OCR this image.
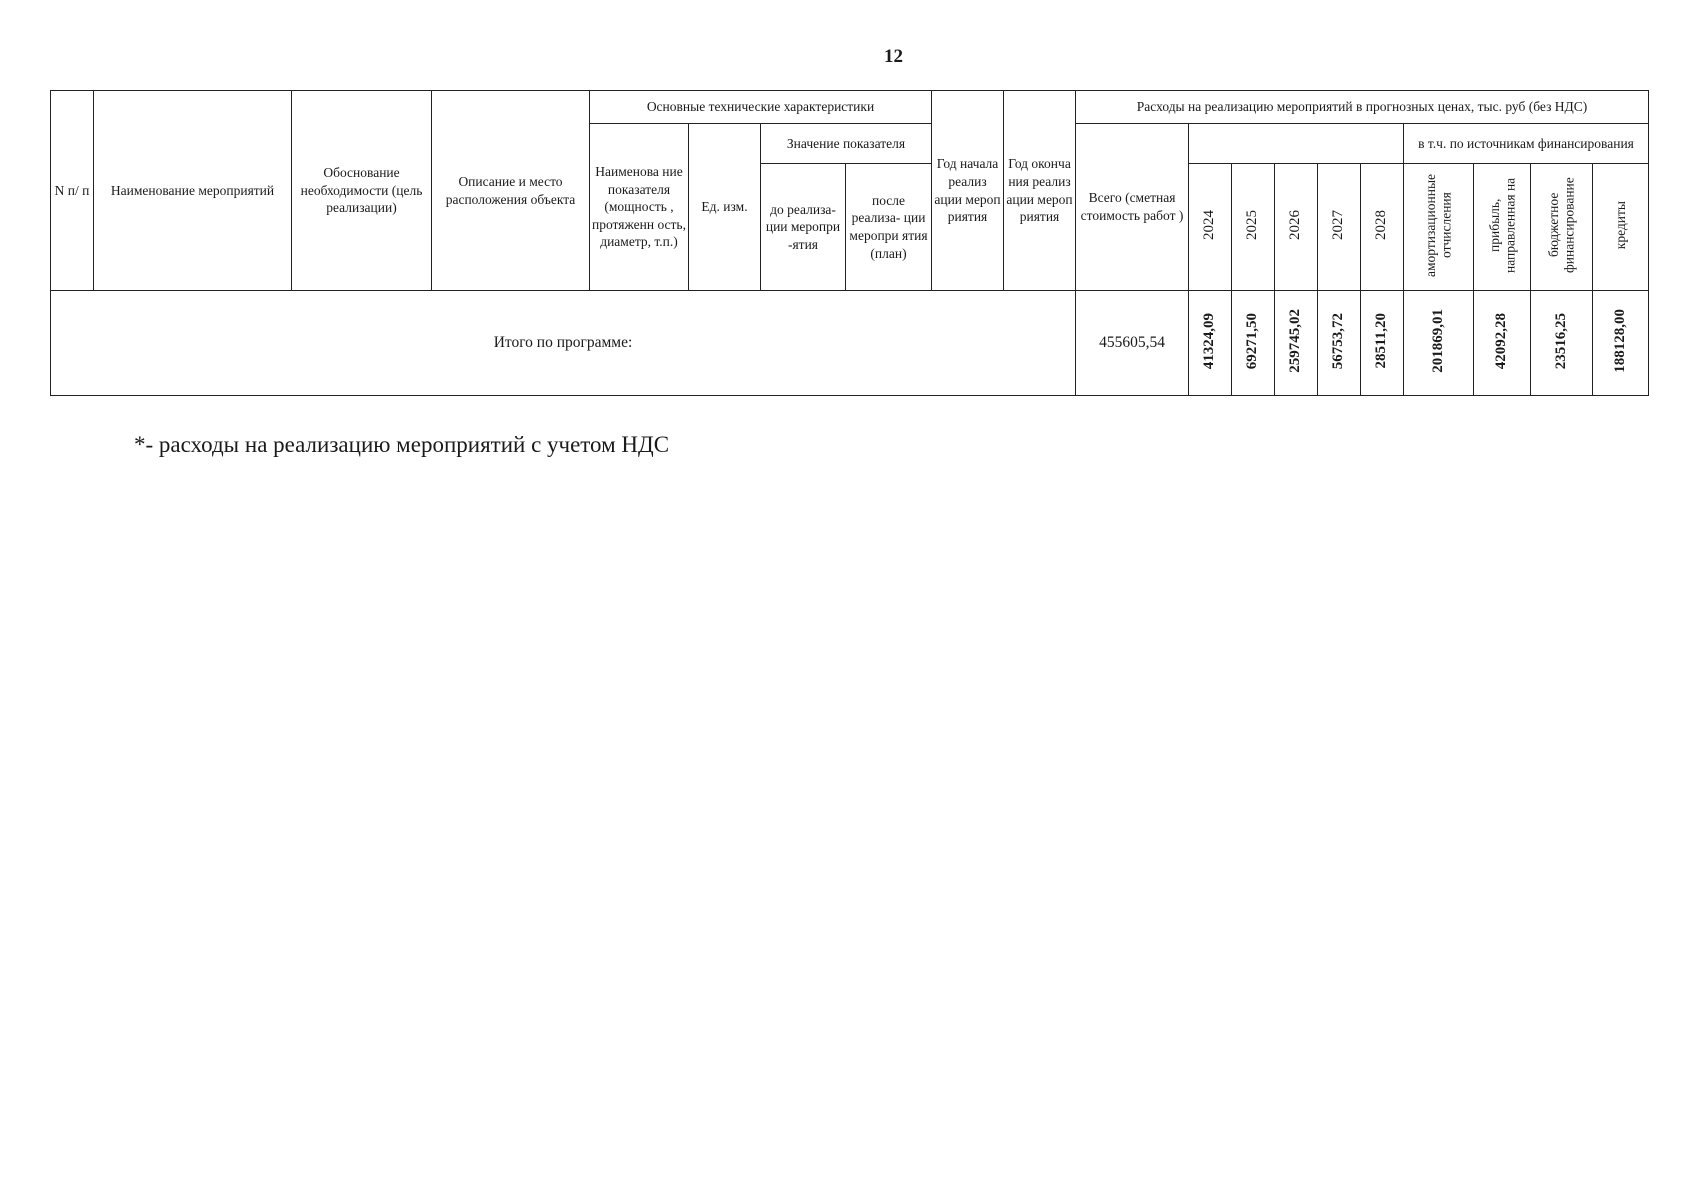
12
N п/ п	Наименование мероприятий	Обоснование необходимости (цель реализации)	Описание и место расположения объекта	Основные технические характеристики				Год начала реализ ации мероп риятия	Год оконча ния реализ ации мероп риятия	Расходы на реализацию мероприятий в прогнозных ценах, тыс. руб (без НДС)									
				Наименова ние показателя (мощность , протяженн ость, диаметр, т.п.)	Ед. изм.	Значение показателя				Всего (сметная стоимость работ )						в т.ч. по источникам финансирования			

						до реализа- ции меропри -ятия	после реализа- ции меропри ятия (план)				2024	2025	2026	2027	2028	амортизационные отчисления	прибыль, направленная на	бюджетное финансирование	кредиты
Итого по программе:										455605,54	41324,09	69271,50	259745,02	56753,72	28511,20	201869,01	42092,28	23516,25	188128,00
*- расходы на реализацию мероприятий с учетом НДС
